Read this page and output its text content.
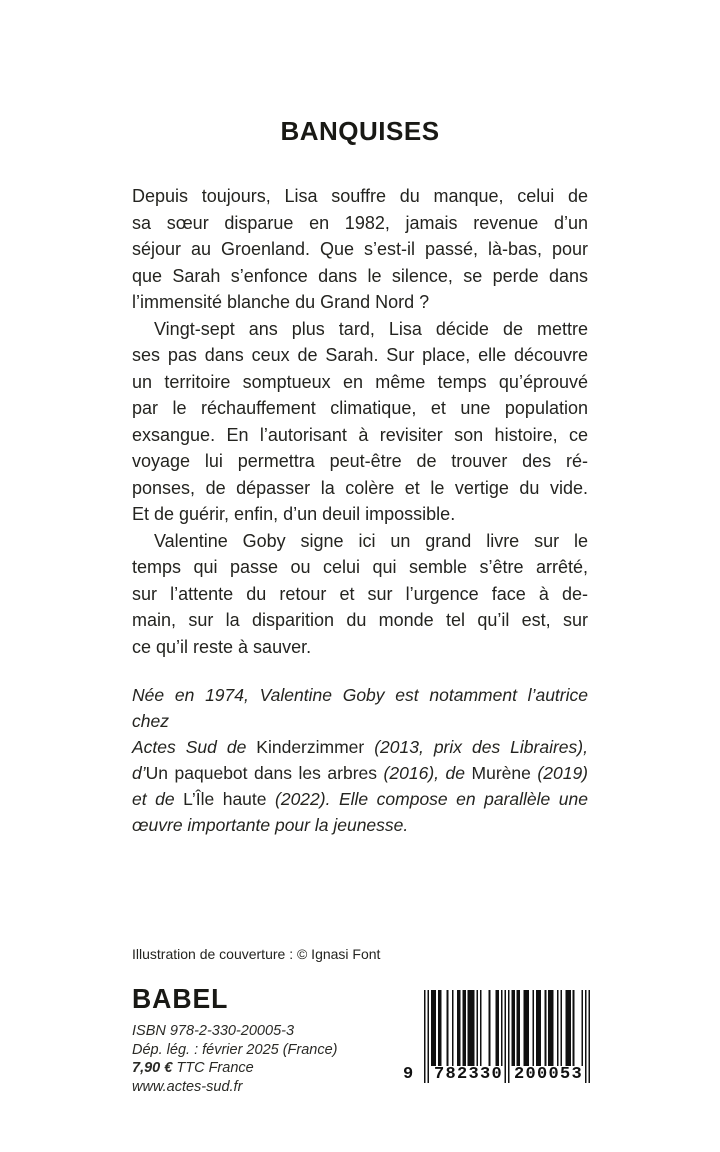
BANQUISES
Depuis toujours, Lisa souffre du manque, celui de
sa sœur disparue en 1982, jamais revenue d’un
séjour au Groenland. Que s’est-il passé, là-bas, pour
que Sarah s’enfonce dans le silence, se perde dans
l’immensité blanche du Grand Nord ?
Vingt-sept ans plus tard, Lisa décide de mettre
ses pas dans ceux de Sarah. Sur place, elle découvre
un territoire somptueux en même temps qu’éprouvé
par le réchauffement climatique, et une population
exsangue. En l’autorisant à revisiter son histoire, ce
voyage lui permettra peut-être de trouver des ré-
ponses, de dépasser la colère et le vertige du vide.
Et de guérir, enfin, d’un deuil impossible.
Valentine Goby signe ici un grand livre sur le
temps qui passe ou celui qui semble s’être arrêté,
sur l’attente du retour et sur l’urgence face à de-
main, sur la disparition du monde tel qu’il est, sur
ce qu’il reste à sauver.
Née en 1974, Valentine Goby est notamment l’autrice chez
Actes Sud de Kinderzimmer (2013, prix des Libraires),
d’Un paquebot dans les arbres (2016), de Murène (2019)
et de L’Île haute (2022). Elle compose en parallèle une
œuvre importante pour la jeunesse.
Illustration de couverture : © Ignasi Font
BABEL
ISBN 978-2-330-20005-3
Dép. lég. : février 2025 (France)
7,90 € TTC France
www.actes-sud.fr
9 782330 200053
